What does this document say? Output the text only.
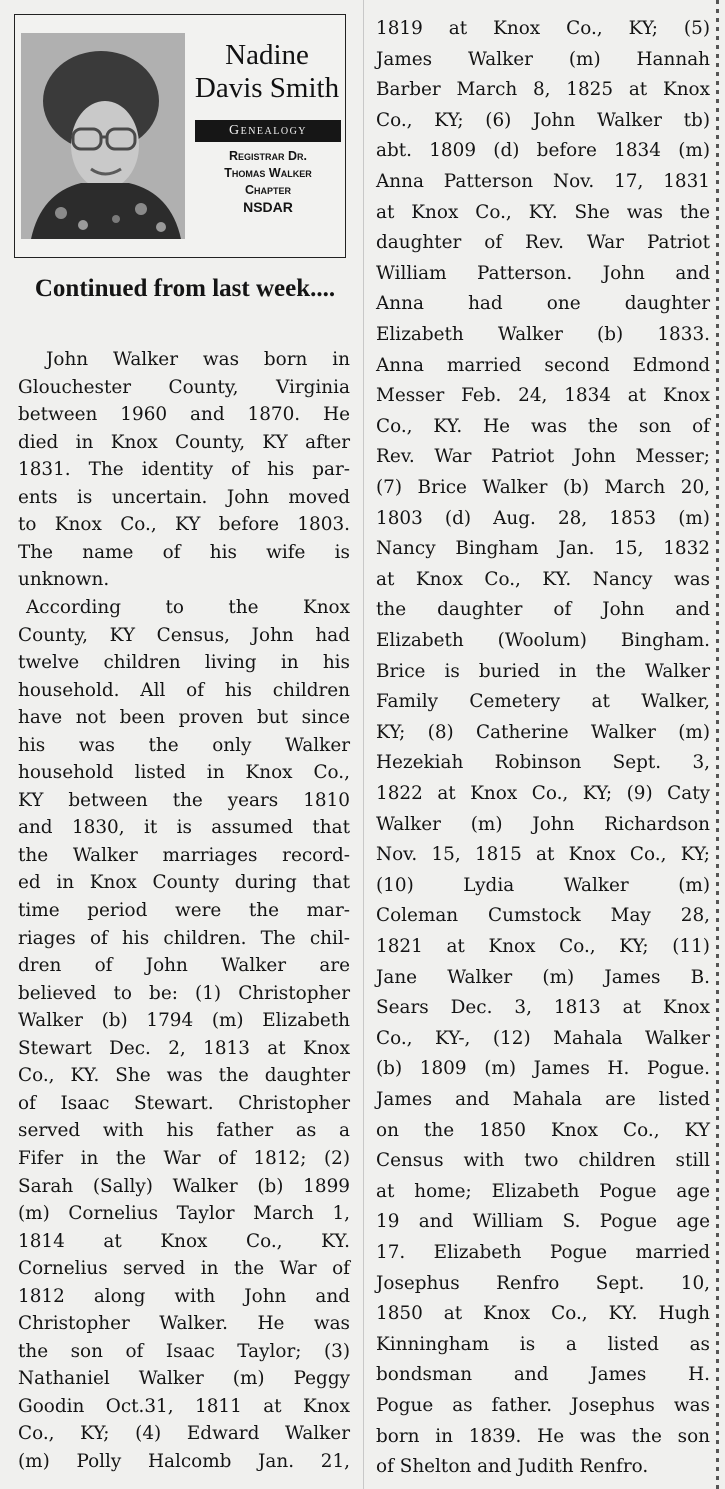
Nadine Davis Smith
Genealogy
Registrar Dr.
Thomas Walker
Chapter
NSDAR
Continued from last week....
John Walker was born in
Glouchester County, Virginia
between 1960 and 1870. He
died in Knox County, KY after
1831. The identity of his par-
ents is uncertain. John moved
to Knox Co., KY before 1803.
The name of his wife is
unknown.
According to the Knox
County, KY Census, John had
twelve children living in his
household. All of his children
have not been proven but since
his was the only Walker
household listed in Knox Co.,
KY between the years 1810
and 1830, it is assumed that
the Walker marriages record-
ed in Knox County during that
time period were the mar-
riages of his children. The chil-
dren of John Walker are
believed to be: (1) Christopher
Walker (b) 1794 (m) Elizabeth
Stewart Dec. 2, 1813 at Knox
Co., KY. She was the daughter
of Isaac Stewart. Christopher
served with his father as a
Fifer in the War of 1812; (2)
Sarah (Sally) Walker (b) 1899
(m) Cornelius Taylor March 1,
1814 at Knox Co., KY.
Cornelius served in the War of
1812 along with John and
Christopher Walker. He was
the son of Isaac Taylor; (3)
Nathaniel Walker (m) Peggy
Goodin Oct.31, 1811 at Knox
Co., KY; (4) Edward Walker
(m) Polly Halcomb Jan. 21,
1819 at Knox Co., KY; (5)
James Walker (m) Hannah
Barber March 8, 1825 at Knox
Co., KY; (6) John Walker tb)
abt. 1809 (d) before 1834 (m)
Anna Patterson Nov. 17, 1831
at Knox Co., KY. She was the
daughter of Rev. War Patriot
William Patterson. John and
Anna had one daughter
Elizabeth Walker (b) 1833.
Anna married second Edmond
Messer Feb. 24, 1834 at Knox
Co., KY. He was the son of
Rev. War Patriot John Messer;
(7) Brice Walker (b) March 20,
1803 (d) Aug. 28, 1853 (m)
Nancy Bingham Jan. 15, 1832
at Knox Co., KY. Nancy was
the daughter of John and
Elizabeth (Woolum) Bingham.
Brice is buried in the Walker
Family Cemetery at Walker,
KY; (8) Catherine Walker (m)
Hezekiah Robinson Sept. 3,
1822 at Knox Co., KY; (9) Caty
Walker (m) John Richardson
Nov. 15, 1815 at Knox Co., KY;
(10) Lydia Walker (m)
Coleman Cumstock May 28,
1821 at Knox Co., KY; (11)
Jane Walker (m) James B.
Sears Dec. 3, 1813 at Knox
Co., KY-, (12) Mahala Walker
(b) 1809 (m) James H. Pogue.
James and Mahala are listed
on the 1850 Knox Co., KY
Census with two children still
at home; Elizabeth Pogue age
19 and William S. Pogue age
17. Elizabeth Pogue married
Josephus Renfro Sept. 10,
1850 at Knox Co., KY. Hugh
Kinningham is a listed as
bondsman and James H.
Pogue as father. Josephus was
born in 1839. He was the son
of Shelton and Judith Renfro.
